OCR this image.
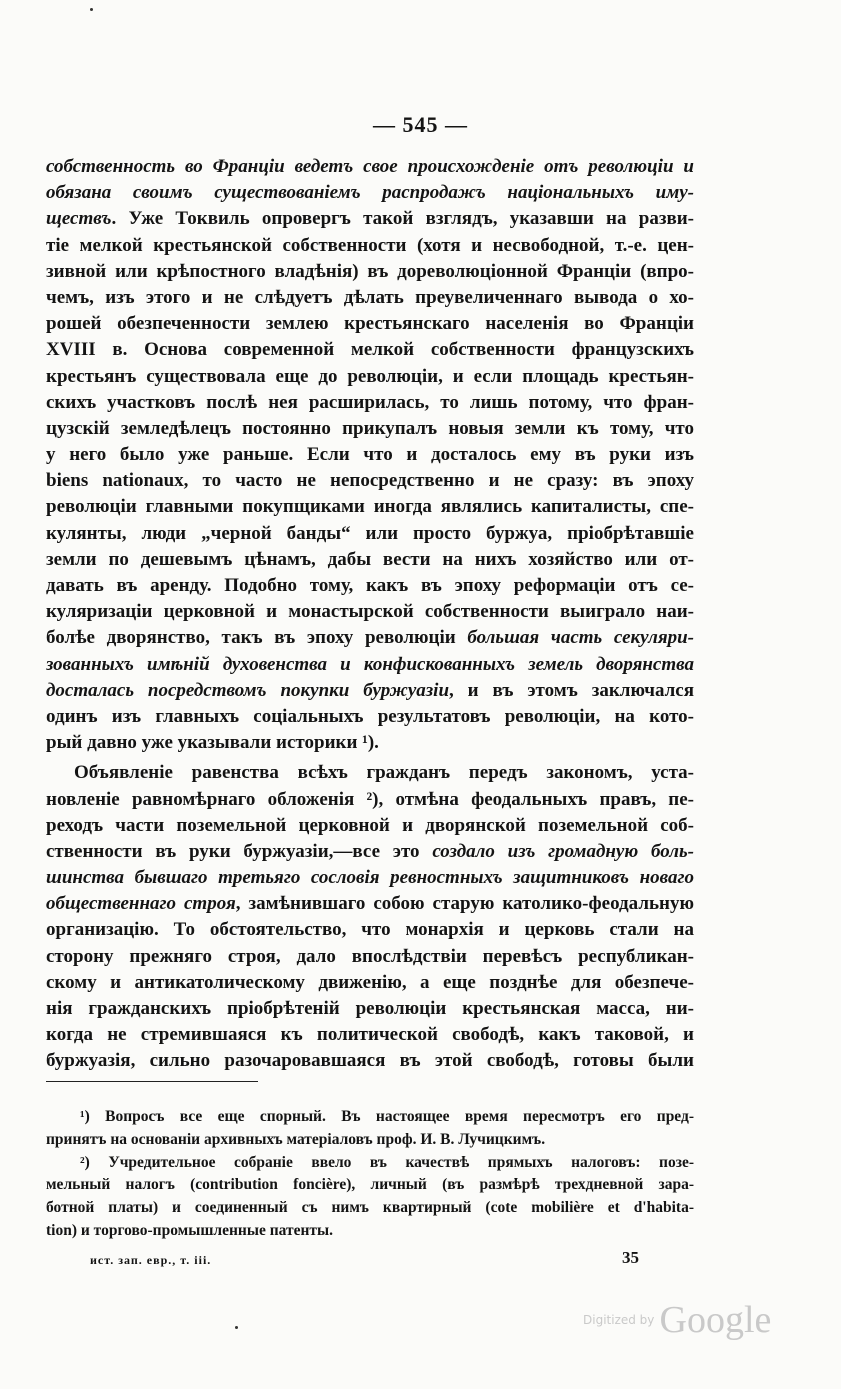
— 545 —
собственность во Франціи ведетъ свое происхожденіе отъ революціи и
обязана своимъ существованіемъ распродажъ національныхъ иму-
ществъ. Уже Токвиль опровергъ такой взглядъ, указавши на разви-
тіе мелкой крестьянской собственности (хотя и несвободной, т.-е. цен-
зивной или крѣпостного владѣнія) въ дореволюціонной Франціи (впро-
чемъ, изъ этого и не слѣдуетъ дѣлать преувеличеннаго вывода о хо-
рошей обезпеченности землею крестьянскаго населенія во Франціи
XVIII в. Основа современной мелкой собственности французскихъ
крестьянъ существовала еще до революціи, и если площадь крестьян-
скихъ участковъ послѣ нея расширилась, то лишь потому, что фран-
цузскій земледѣлецъ постоянно прикупалъ новыя земли къ тому, что
у него было уже раньше. Если что и досталось ему въ руки изъ
biens nationaux, то часто не непосредственно и не сразу: въ эпоху
революціи главными покупщиками иногда являлись капиталисты, спе-
кулянты, люди „черной банды“ или просто буржуа, пріобрѣтавшіе
земли по дешевымъ цѣнамъ, дабы вести на нихъ хозяйство или от-
давать въ аренду. Подобно тому, какъ въ эпоху реформаціи отъ се-
куляризаціи церковной и монастырской собственности выиграло наи-
болѣе дворянство, такъ въ эпоху революціи большая часть секуляри-
зованныхъ имѣній духовенства и конфискованныхъ земель дворянства
досталась посредствомъ покупки буржуазіи, и въ этомъ заключался
одинъ изъ главныхъ соціальныхъ результатовъ революціи, на кото-
рый давно уже указывали историки ¹).
Объявленіе равенства всѣхъ гражданъ передъ закономъ, уста-
новленіе равномѣрнаго обложенія ²), отмѣна феодальныхъ правъ, пе-
реходъ части поземельной церковной и дворянской поземельной соб-
ственности въ руки буржуазіи,—все это создало изъ громадную боль-
шинства бывшаго третьяго сословія ревностныхъ защитниковъ новаго
общественнаго строя, замѣнившаго собою старую католико-феодальную
организацію. То обстоятельство, что монархія и церковь стали на
сторону прежняго строя, дало впослѣдствіи перевѣсъ республикан-
скому и антикатолическому движенію, а еще позднѣе для обезпече-
нія гражданскихъ пріобрѣтеній революціи крестьянская масса, ни-
когда не стремившаяся къ политической свободѣ, какъ таковой, и
буржуазія, сильно разочаровавшаяся въ этой свободѣ, готовы были
¹) Вопросъ все еще спорный. Въ настоящее время пересмотръ его пред-
принятъ на основаніи архивныхъ матеріаловъ проф. И. В. Лучицкимъ.
²) Учредительное собраніе ввело въ качествѣ прямыхъ налоговъ: позе-
мельный налогъ (contribution foncière), личный (въ размѣрѣ трехдневной зара-
ботной платы) и соединенный съ нимъ квартирный (cote mobilière et d'habita-
tion) и торгово-промышленные патенты.
ист. зап. евр., т. ііі.	35
Digitized by Google
